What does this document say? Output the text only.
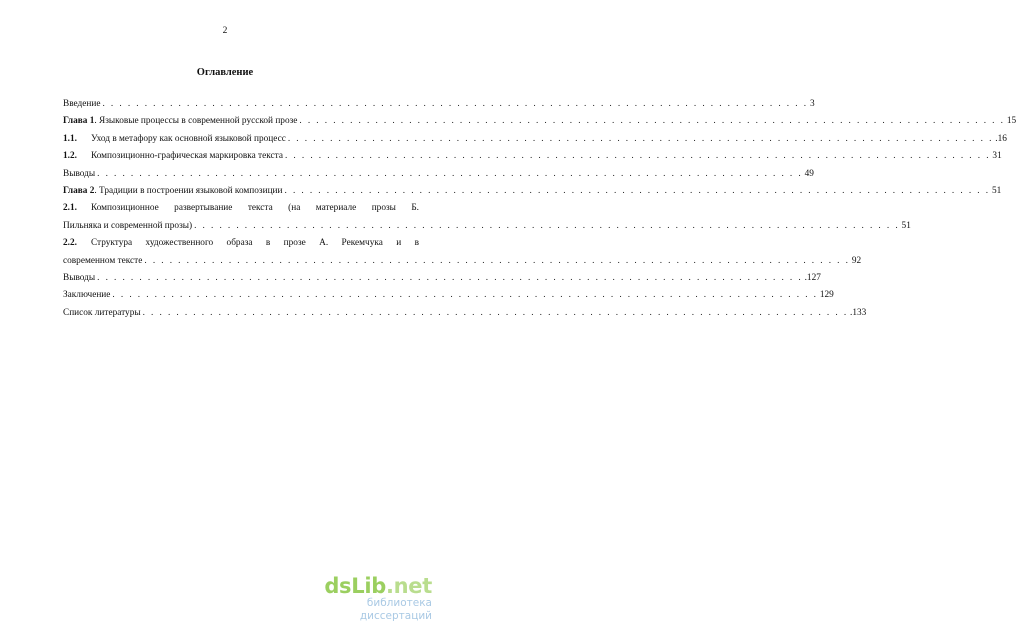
2
Оглавление
Введение . . . . . . . . . . . . . . . . . . . . . . . . . . . . . . . . . . . . . . . . . . . . . . . . . . . . . . . . . . . . . . . . . . . . . . . . . . . . . . . . . . . . 3
Глава 1. Языковые процессы в современной русской прозе . . . . . . . . . . . . . . . . . . . . . . . . . . . . . . . . . . . . . . . . . . . . . . . . . . . . . . . . . . . . . . . . . . . . . . . . . . . . . . . . . . . . 15
1.1. Уход в метафору как основной языковой процесс . . . . . . . . . . . . . . . . . . . . . . . . . . . . . . . . . . . . . . . . . . . . . . . . . . . . . . . . . . . . . . . . . . . . . . . . . . . . . . . . . . . . .16
1.2. Композиционно-графическая маркировка текста . . . . . . . . . . . . . . . . . . . . . . . . . . . . . . . . . . . . . . . . . . . . . . . . . . . . . . . . . . . . . . . . . . . . . . . . . . . . . . . . . . . . 31
Выводы . . . . . . . . . . . . . . . . . . . . . . . . . . . . . . . . . . . . . . . . . . . . . . . . . . . . . . . . . . . . . . . . . . . . . . . . . . . . . . . . . . . . 49
Глава 2. Традиции в построении языковой композиции . . . . . . . . . . . . . . . . . . . . . . . . . . . . . . . . . . . . . . . . . . . . . . . . . . . . . . . . . . . . . . . . . . . . . . . . . . . . . . . . . . . . 51
2.1. Композиционное развертывание текста (на материале прозы Б.
Пильняка и современной прозы) . . . . . . . . . . . . . . . . . . . . . . . . . . . . . . . . . . . . . . . . . . . . . . . . . . . . . . . . . . . . . . . . . . . . . . . . . . . . . . . . . . . . 51
2.2. Структура художественного образа в прозе А. Рекемчука и в
современном тексте . . . . . . . . . . . . . . . . . . . . . . . . . . . . . . . . . . . . . . . . . . . . . . . . . . . . . . . . . . . . . . . . . . . . . . . . . . . . . . . . . . . . 92
Выводы . . . . . . . . . . . . . . . . . . . . . . . . . . . . . . . . . . . . . . . . . . . . . . . . . . . . . . . . . . . . . . . . . . . . . . . . . . . . . . . . . . . . .127
Заключение . . . . . . . . . . . . . . . . . . . . . . . . . . . . . . . . . . . . . . . . . . . . . . . . . . . . . . . . . . . . . . . . . . . . . . . . . . . . . . . . . . . . 129
Список литературы . . . . . . . . . . . . . . . . . . . . . . . . . . . . . . . . . . . . . . . . . . . . . . . . . . . . . . . . . . . . . . . . . . . . . . . . . . . . . . . . . . . . .133
dsLib.net
библиотека диссертаций
